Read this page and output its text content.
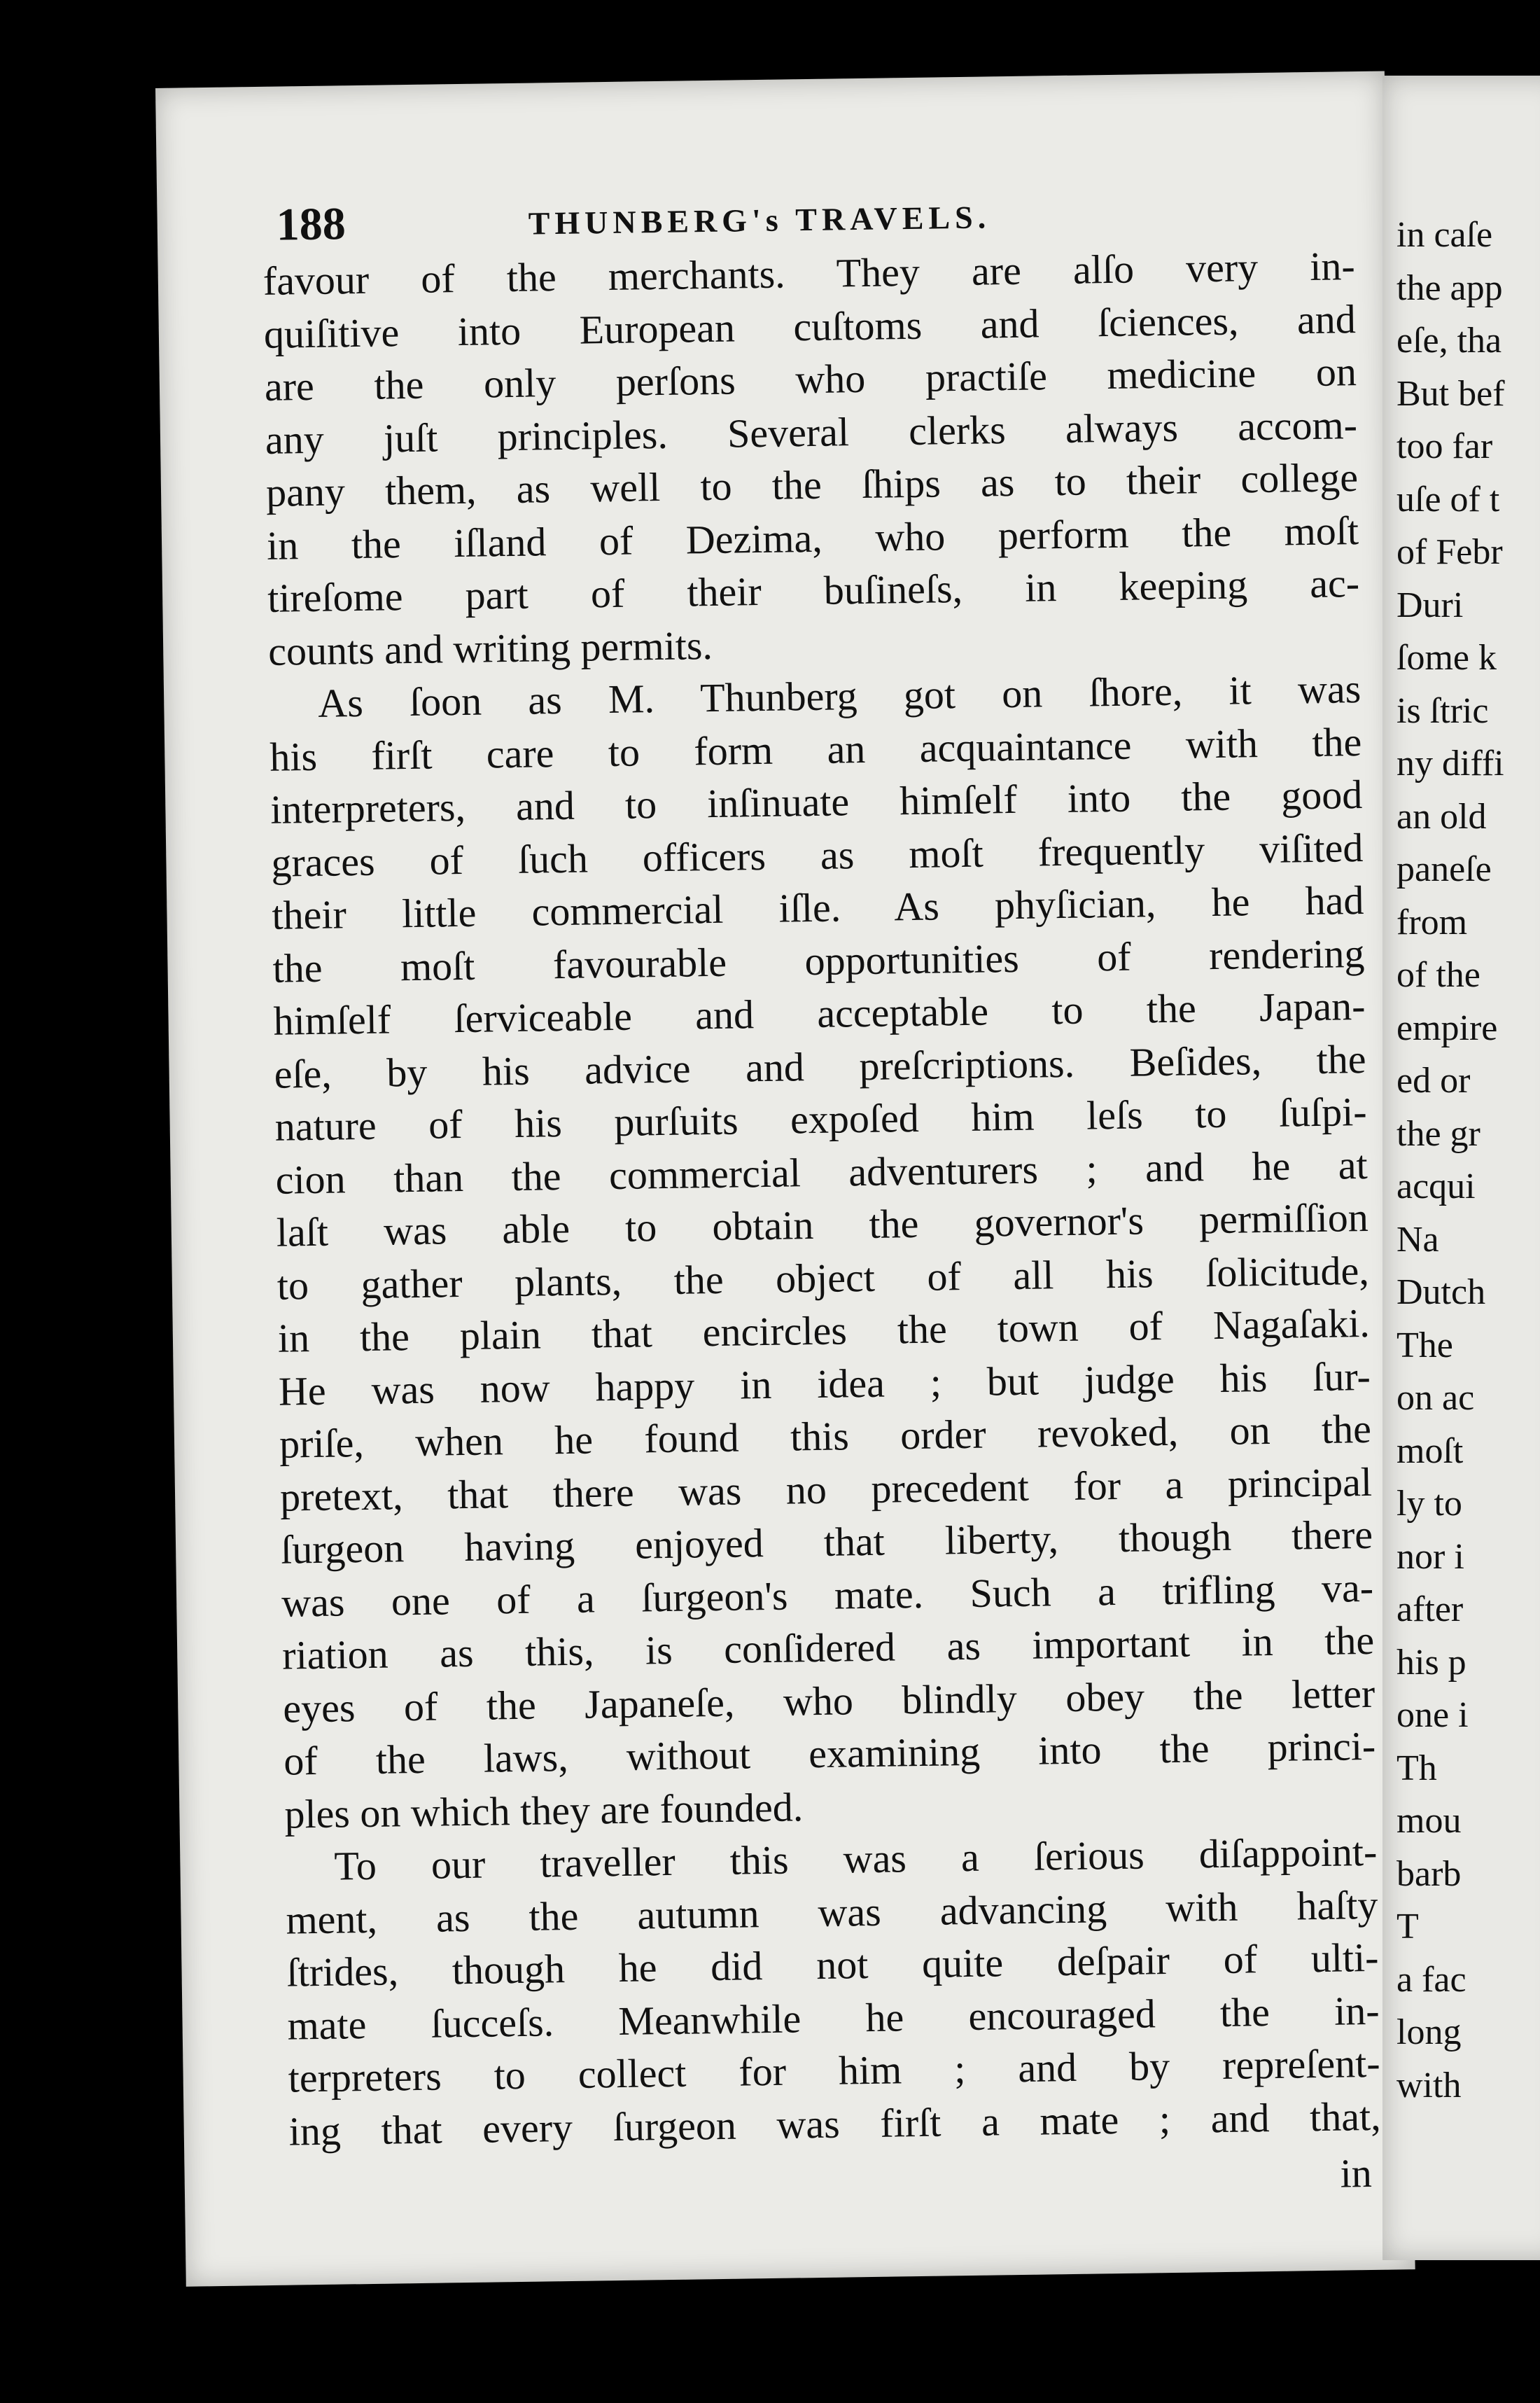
188	THUNBERG's TRAVELS.
favour of the merchants. They are alſo very in-
quiſitive into European cuſtoms and ſciences, and
are the only perſons who practiſe medicine on
any juſt principles. Several clerks always accom-
pany them, as well to the ſhips as to their college
in the iſland of Dezima, who perform the moſt
tireſome part of their buſineſs, in keeping ac-
counts and writing permits.
As ſoon as M. Thunberg got on ſhore, it was
his firſt care to form an acquaintance with the
interpreters, and to inſinuate himſelf into the good
graces of ſuch officers as moſt frequently viſited
their little commercial iſle. As phyſician, he had
the moſt favourable opportunities of rendering
himſelf ſerviceable and acceptable to the Japan-
eſe, by his advice and preſcriptions. Beſides, the
nature of his purſuits expoſed him leſs to ſuſpi-
cion than the commercial adventurers ; and he at
laſt was able to obtain the governor's permiſſion
to gather plants, the object of all his ſolicitude,
in the plain that encircles the town of Nagaſaki.
He was now happy in idea ; but judge his ſur-
priſe, when he found this order revoked, on the
pretext, that there was no precedent for a principal
ſurgeon having enjoyed that liberty, though there
was one of a ſurgeon's mate. Such a trifling va-
riation as this, is conſidered as important in the
eyes of the Japaneſe, who blindly obey the letter
of the laws, without examining into the princi-
ples on which they are founded.
To our traveller this was a ſerious diſappoint-
ment, as the autumn was advancing with haſty
ſtrides, though he did not quite deſpair of ulti-
mate ſucceſs. Meanwhile he encouraged the in-
terpreters to collect for him ; and by repreſent-
ing that every ſurgeon was firſt a mate ; and that,
in
in caſe
the app
eſe, tha
But bef
too far
uſe of t
of Febr
Duri
ſome k
is ſtric
ny diffi
an old
paneſe
from
of the
empire
ed or
the gr
acqui
Na
Dutch
The
on ac
moſt
ly to
nor i
after
his p
one i
Th
mou
barb
T
a fac
long
with
